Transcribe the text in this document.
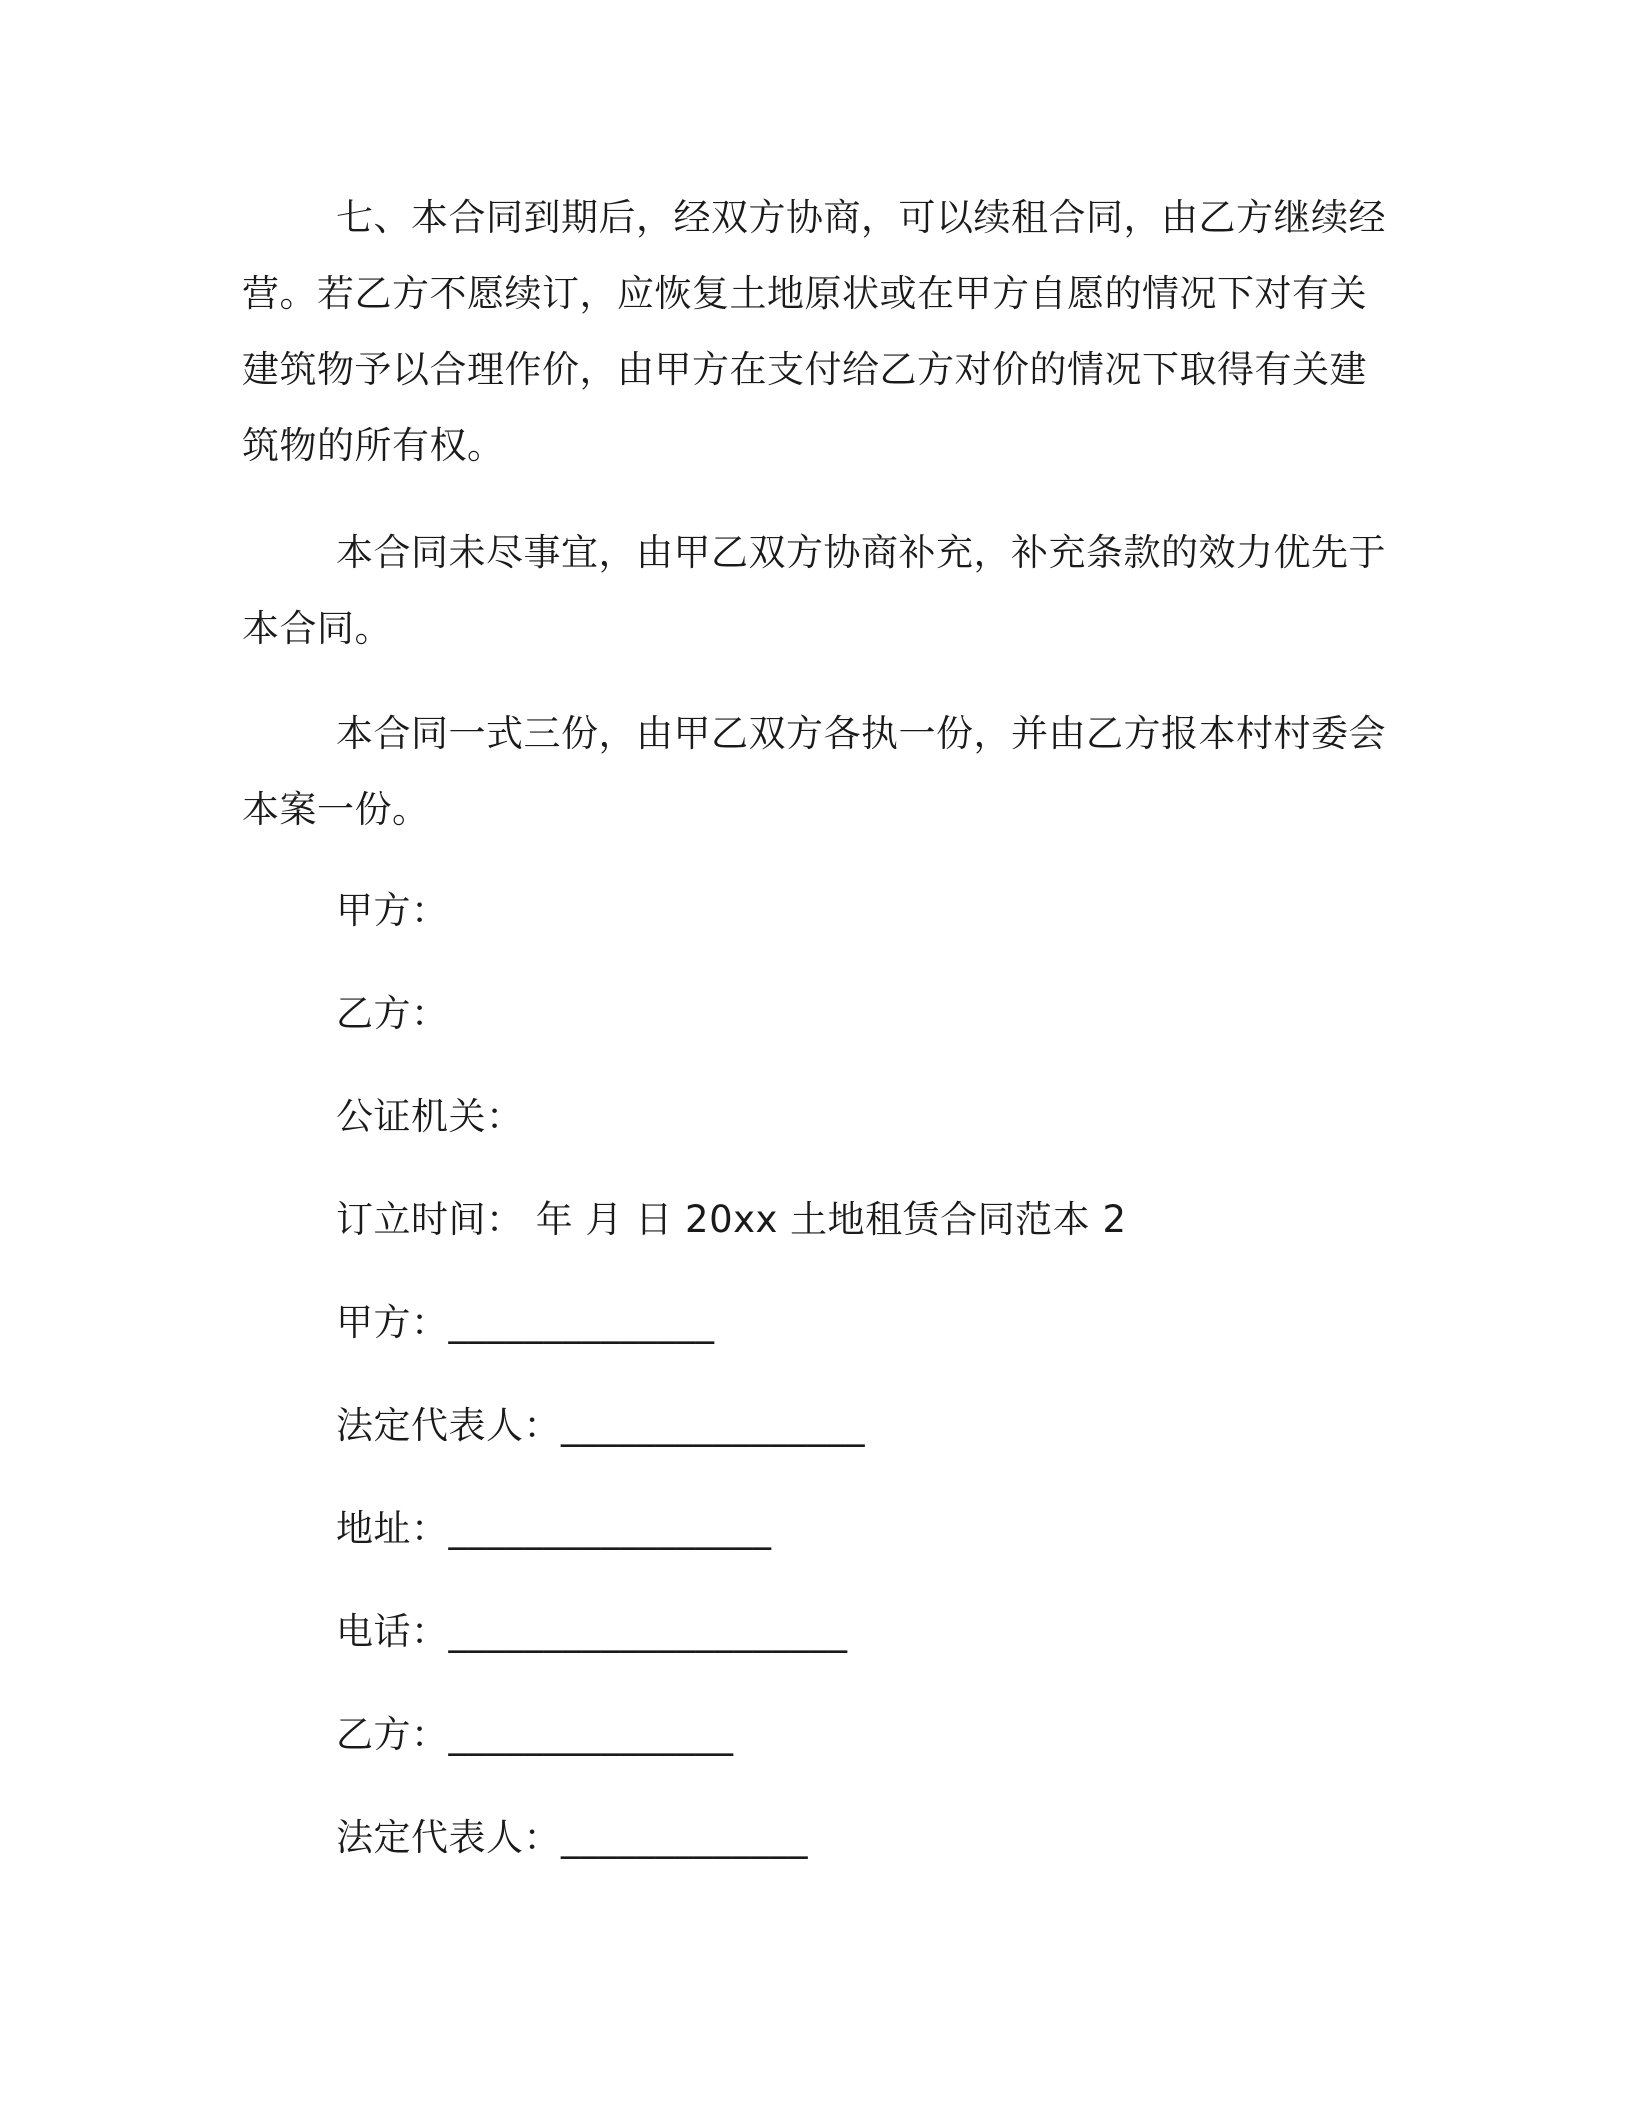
七、本合同到期后，经双方协商，可以续租合同，由乙方继续经营。若乙方不愿续订，应恢复土地原状或在甲方自愿的情况下对有关建筑物予以合理作价，由甲方在支付给乙方对价的情况下取得有关建筑物的所有权。

本合同未尽事宜，由甲乙双方协商补充，补充条款的效力优先于本合同。

本合同一式三份，由甲乙双方各执一份，并由乙方报本村村委会本案一份。

甲方：

乙方：

公证机关：

订立时间： 年 月 日 20xx 土地租赁合同范本 2

甲方：______________

法定代表人：________________

地址：_________________

电话：_____________________

乙方：_______________

法定代表人：_____________
